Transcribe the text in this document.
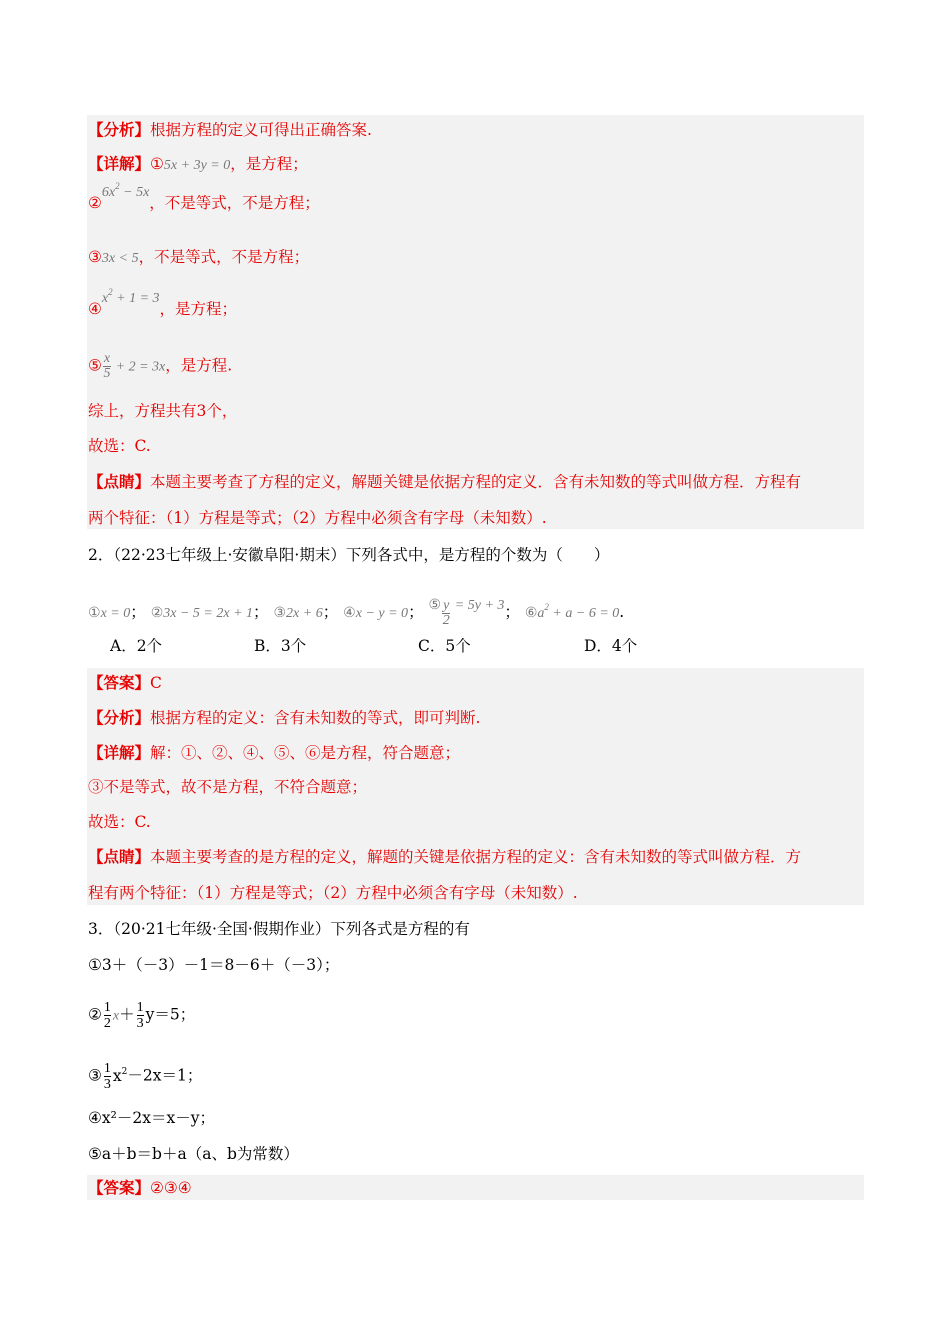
【分析】根据方程的定义可得出正确答案.
【详解】①5x + 3y = 0，是方程；
$②6x^2 - 5x$，不是等式，不是方程；
③3x < 5，不是等式，不是方程；
$④x^2 + 1 = 3$，是方程；
⑤ $\frac{x}{5} + 2 = 3x$，是方程.
综上，方程共有3个，
故选：C.
【点睛】本题主要考查了方程的定义，解题关键是依据方程的定义．含有未知数的等式叫做方程．方程有
两个特征：（1）方程是等式；（2）方程中必须含有字母（未知数）.
2．（22·23七年级上·安徽阜阳·期末）下列各式中，是方程的个数为（　　）
①x = 0； ②3x − 5 = 2x + 1； ③2x + 6； ④x − y = 0； ⑤ $\frac{y}{2} = 5y + 3$； $⑥a^2 + a - 6 = 0$.
A．2个	B．3个	C．5个	D．4个
【答案】C
【分析】根据方程的定义：含有未知数的等式，即可判断.
【详解】解：①、②、④、⑤、⑥是方程，符合题意；
③不是等式，故不是方程，不符合题意；
故选：C.
【点睛】本题主要考查的是方程的定义，解题的关键是依据方程的定义：含有未知数的等式叫做方程．方
程有两个特征：（1）方程是等式；（2）方程中必须含有字母（未知数）.
3．（20·21七年级·全国·假期作业）下列各式是方程的有
①3＋（－3）－1＝8－6＋（－3）；
② $\frac{1}{2} x+ \frac{1}{3} y=5$；
③ $\frac{1}{3} x^2-2x=1$；
④x²－2x＝x－y；
⑤a＋b＝b＋a（a、b为常数）
【答案】②③④
